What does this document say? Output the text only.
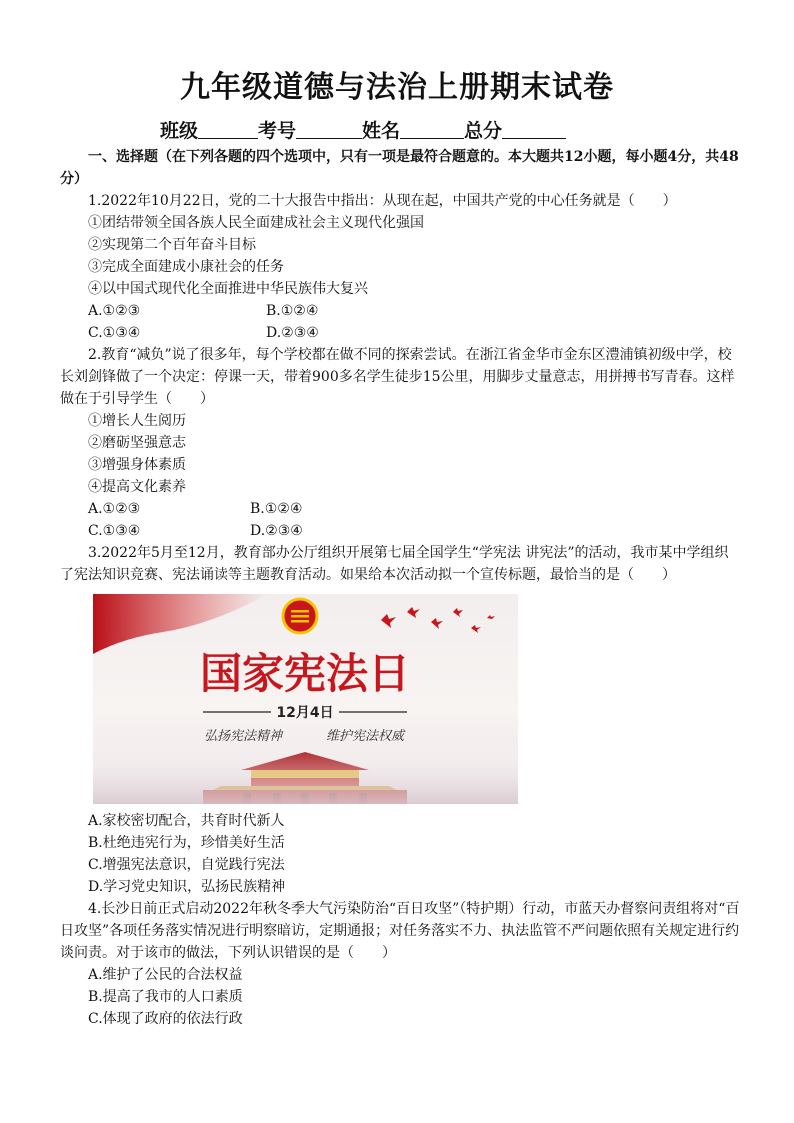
九年级道德与法治上册期末试卷
班级	考号	姓名	总分

一、选择题（在下列各题的四个选项中，只有一项是最符合题意的。本大题共12小题，每小题4分，共48分）

1.2022年10月22日，党的二十大报告中指出：从现在起，中国共产党的中心任务就是（　　）

①团结带领全国各族人民全面建成社会主义现代化强国

②实现第二个百年奋斗目标

③完成全面建成小康社会的任务

④以中国式现代化全面推进中华民族伟大复兴

A.①②③	B.①②④
C.①③④	D.②③④

2.教育“减负”说了很多年，每个学校都在做不同的探索尝试。在浙江省金华市金东区澧浦镇初级中学，校长刘剑锋做了一个决定：停课一天，带着900多名学生徒步15公里，用脚步丈量意志，用拼搏书写青春。这样做在于引导学生（　　）

①增长人生阅历

②磨砺坚强意志

③增强身体素质

④提高文化素养

A.①②③	B.①②④
C.①③④	D.②③④

3.2022年5月至12月，教育部办公厅组织开展第七届全国学生“学宪法 讲宪法”的活动，我市某中学组织了宪法知识竞赛、宪法诵读等主题教育活动。如果给本次活动拟一个宣传标题，最恰当的是（　　）

国家宪法日
12月4日
弘扬宪法精神	维护宪法权威

A.家校密切配合，共育时代新人

B.杜绝违宪行为，珍惜美好生活

C.增强宪法意识，自觉践行宪法

D.学习党史知识，弘扬民族精神

4.长沙日前正式启动2022年秋冬季大气污染防治“百日攻坚”（特护期）行动，市蓝天办督察问责组将对“百日攻坚”各项任务落实情况进行明察暗访，定期通报；对任务落实不力、执法监管不严问题依照有关规定进行约谈问责。对于该市的做法，下列认识错误的是（　　）

A.维护了公民的合法权益

B.提高了我市的人口素质

C.体现了政府的依法行政
